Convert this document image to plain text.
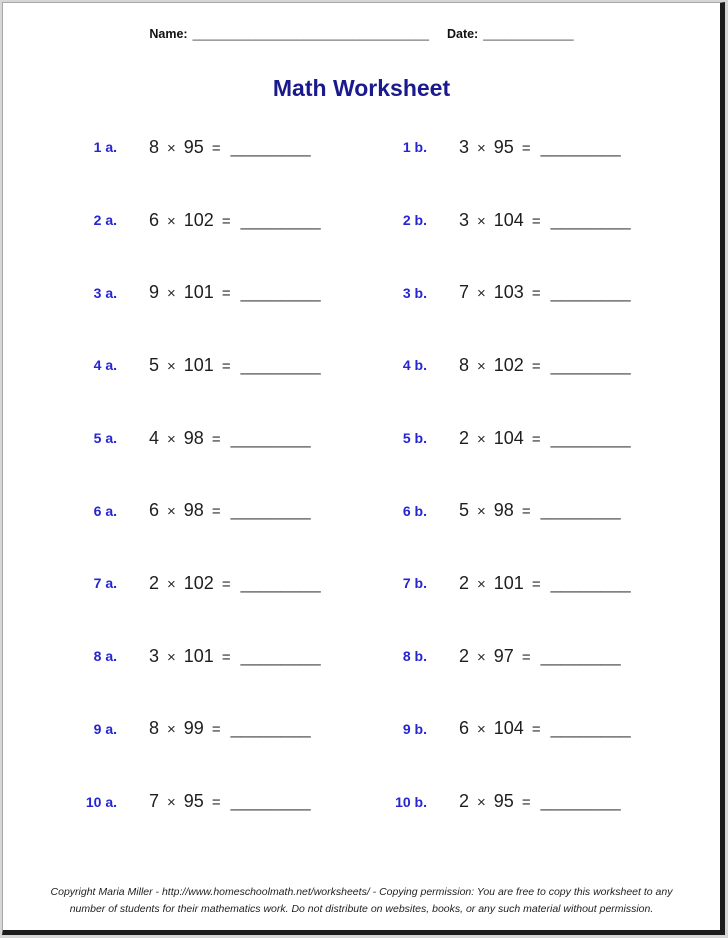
Name: __________________________________ Date: _____________
Math Worksheet
1 a. 8 × 95 = ________	1 b. 3 × 95 = ________
2 a. 6 × 102 = ________	2 b. 3 × 104 = ________
3 a. 9 × 101 = ________	3 b. 7 × 103 = ________
4 a. 5 × 101 = ________	4 b. 8 × 102 = ________
5 a. 4 × 98 = ________	5 b. 2 × 104 = ________
6 a. 6 × 98 = ________	6 b. 5 × 98 = ________
7 a. 2 × 102 = ________	7 b. 2 × 101 = ________
8 a. 3 × 101 = ________	8 b. 2 × 97 = ________
9 a. 8 × 99 = ________	9 b. 6 × 104 = ________
10 a. 7 × 95 = ________	10 b. 2 × 95 = ________
Copyright Maria Miller - http://www.homeschoolmath.net/worksheets/ - Copying permission: You are free to copy this worksheet to any
number of students for their mathematics work. Do not distribute on websites, books, or any such material without permission.
